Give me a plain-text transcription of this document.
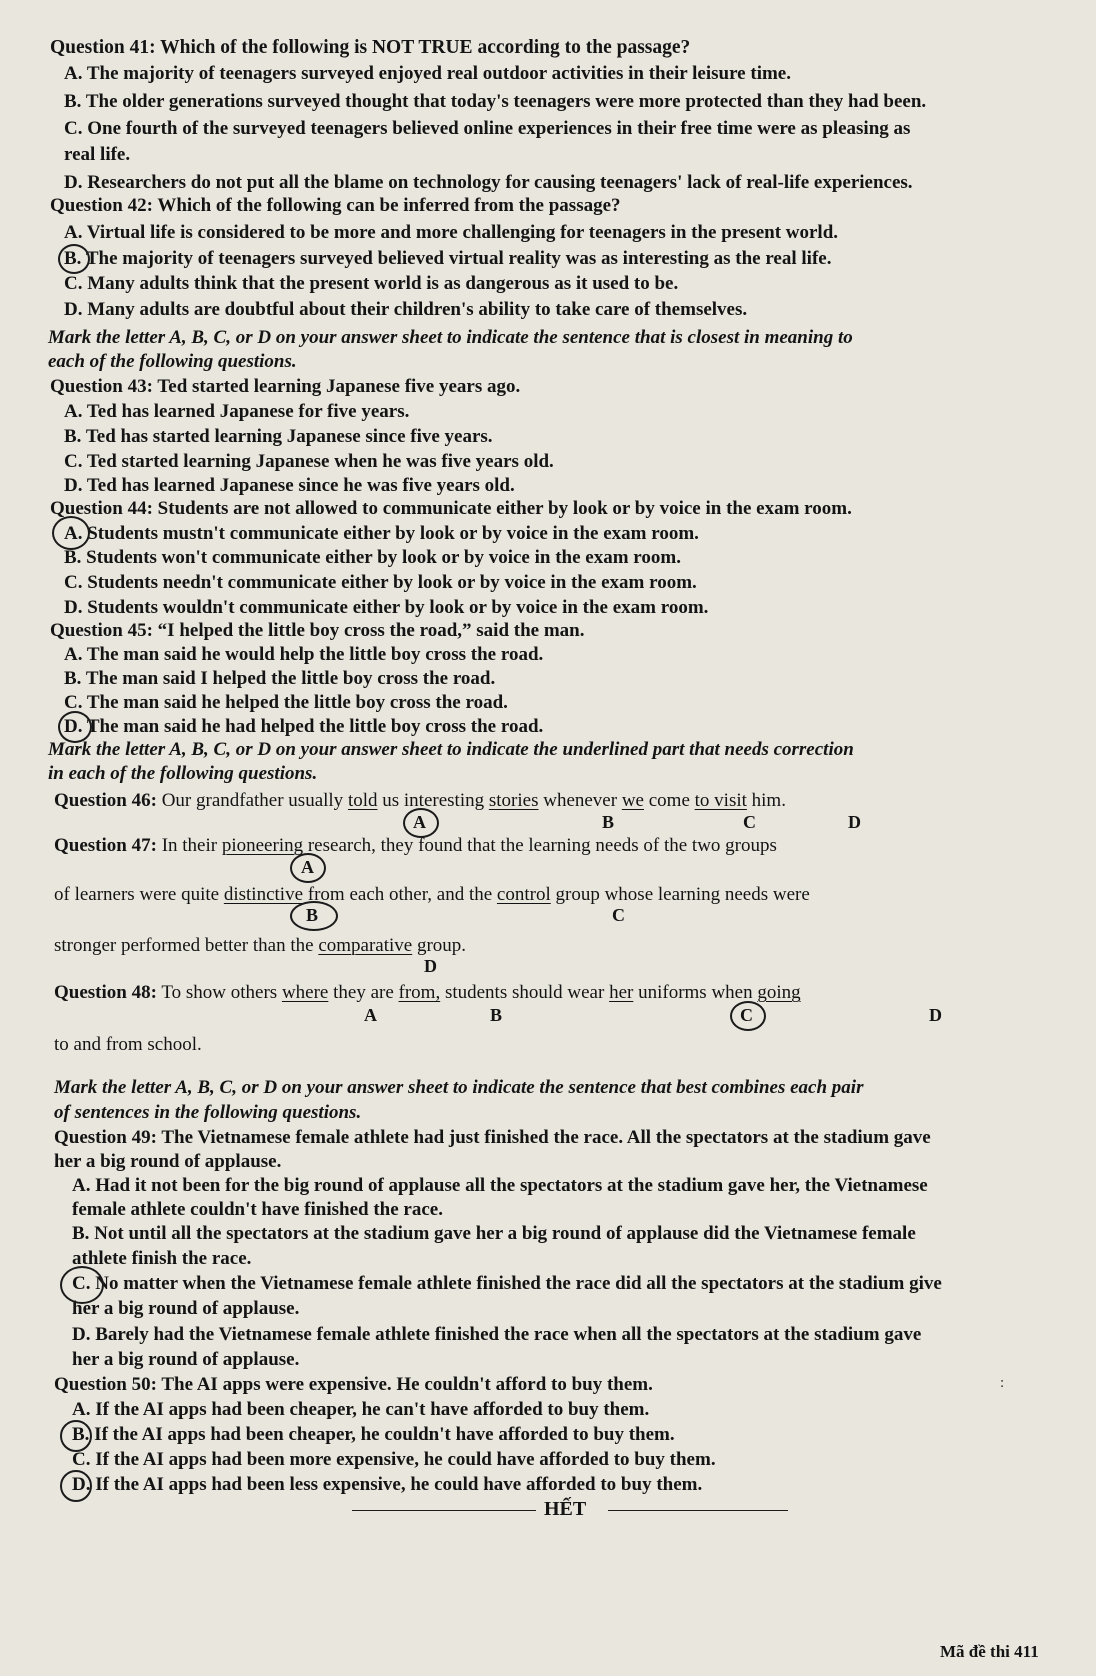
Question 41: Which of the following is NOT TRUE according to the passage?
A. The majority of teenagers surveyed enjoyed real outdoor activities in their leisure time.
B. The older generations surveyed thought that today's teenagers were more protected than they had been.
C. One fourth of the surveyed teenagers believed online experiences in their free time were as pleasing as
real life.
D. Researchers do not put all the blame on technology for causing teenagers' lack of real-life experiences.
Question 42: Which of the following can be inferred from the passage?
A. Virtual life is considered to be more and more challenging for teenagers in the present world.
B. The majority of teenagers surveyed believed virtual reality was as interesting as the real life.
C. Many adults think that the present world is as dangerous as it used to be.
D. Many adults are doubtful about their children's ability to take care of themselves.
Mark the letter A, B, C, or D on your answer sheet to indicate the sentence that is closest in meaning to
each of the following questions.
Question 43: Ted started learning Japanese five years ago.
A. Ted has learned Japanese for five years.
B. Ted has started learning Japanese since five years.
C. Ted started learning Japanese when he was five years old.
D. Ted has learned Japanese since he was five years old.
Question 44: Students are not allowed to communicate either by look or by voice in the exam room.
A. Students mustn't communicate either by look or by voice in the exam room.
B. Students won't communicate either by look or by voice in the exam room.
C. Students needn't communicate either by look or by voice in the exam room.
D. Students wouldn't communicate either by look or by voice in the exam room.
Question 45: “I helped the little boy cross the road,” said the man.
A. The man said he would help the little boy cross the road.
B. The man said I helped the little boy cross the road.
C. The man said he helped the little boy cross the road.
D. The man said he had helped the little boy cross the road.
Mark the letter A, B, C, or D on your answer sheet to indicate the underlined part that needs correction
in each of the following questions.
Question 46: Our grandfather usually told us interesting stories whenever we come to visit him.
A	B	C	D
Question 47: In their pioneering research, they found that the learning needs of the two groups
A
of learners were quite distinctive from each other, and the control group whose learning needs were
B	C
stronger performed better than the comparative group.
D
Question 48: To show others where they are from, students should wear her uniforms when going
A	B	C	D
to and from school.
Mark the letter A, B, C, or D on your answer sheet to indicate the sentence that best combines each pair
of sentences in the following questions.
Question 49: The Vietnamese female athlete had just finished the race. All the spectators at the stadium gave
her a big round of applause.
A. Had it not been for the big round of applause all the spectators at the stadium gave her, the Vietnamese
female athlete couldn't have finished the race.
B. Not until all the spectators at the stadium gave her a big round of applause did the Vietnamese female
athlete finish the race.
C. No matter when the Vietnamese female athlete finished the race did all the spectators at the stadium give
her a big round of applause.
D. Barely had the Vietnamese female athlete finished the race when all the spectators at the stadium gave
her a big round of applause.
Question 50: The AI apps were expensive. He couldn't afford to buy them.
A. If the AI apps had been cheaper, he can't have afforded to buy them.
B. If the AI apps had been cheaper, he couldn't have afforded to buy them.
C. If the AI apps had been more expensive, he could have afforded to buy them.
D. If the AI apps had been less expensive, he could have afforded to buy them.
:
HẾT
Mã đề thi 411
